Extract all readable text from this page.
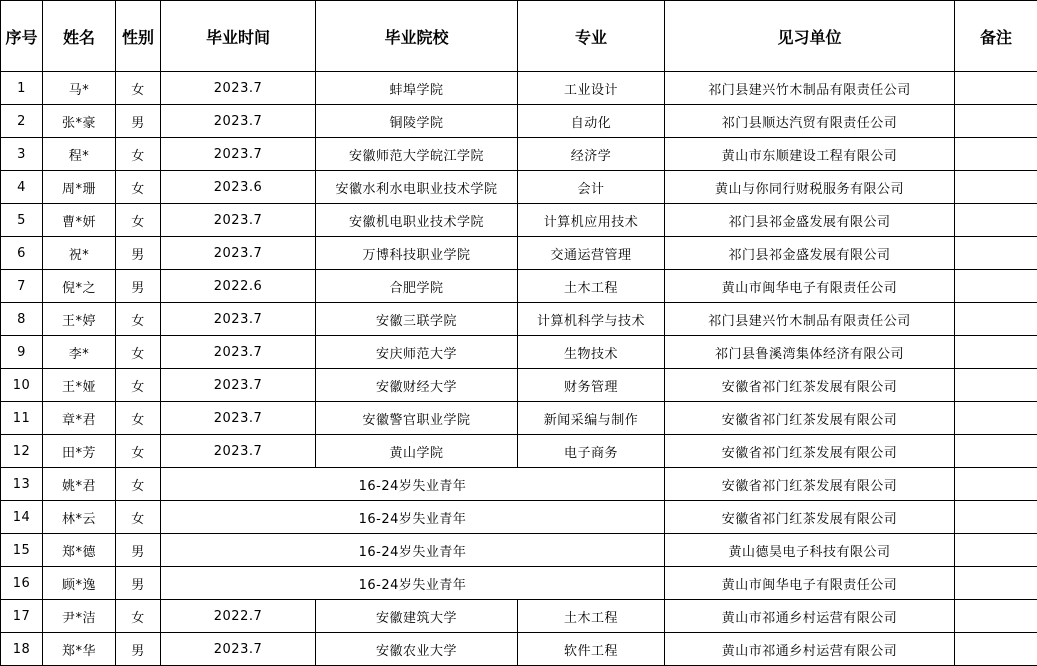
序号	姓名	性别	毕业时间	毕业院校	专业	见习单位	备注
1	马*	女	2023.7	蚌埠学院	工业设计	祁门县建兴竹木制品有限责任公司	
2	张*豪	男	2023.7	铜陵学院	自动化	祁门县顺达汽贸有限责任公司	
3	程*	女	2023.7	安徽师范大学皖江学院	经济学	黄山市东顺建设工程有限公司	
4	周*珊	女	2023.6	安徽水利水电职业技术学院	会计	黄山与你同行财税服务有限公司	
5	曹*妍	女	2023.7	安徽机电职业技术学院	计算机应用技术	祁门县祁金盛发展有限公司	
6	祝*	男	2023.7	万博科技职业学院	交通运营管理	祁门县祁金盛发展有限公司	
7	倪*之	男	2022.6	合肥学院	土木工程	黄山市闽华电子有限责任公司	
8	王*婷	女	2023.7	安徽三联学院	计算机科学与技术	祁门县建兴竹木制品有限责任公司	
9	李*	女	2023.7	安庆师范大学	生物技术	祁门县鲁溪湾集体经济有限公司	
10	王*娅	女	2023.7	安徽财经大学	财务管理	安徽省祁门红茶发展有限公司	
11	章*君	女	2023.7	安徽警官职业学院	新闻采编与制作	安徽省祁门红茶发展有限公司	
12	田*芳	女	2023.7	黄山学院	电子商务	安徽省祁门红茶发展有限公司	
13	姚*君	女	16-24岁失业青年			安徽省祁门红茶发展有限公司	
14	林*云	女	16-24岁失业青年			安徽省祁门红茶发展有限公司	
15	郑*德	男	16-24岁失业青年			黄山德昊电子科技有限公司	
16	顾*逸	男	16-24岁失业青年			黄山市闽华电子有限责任公司	
17	尹*洁	女	2022.7	安徽建筑大学	土木工程	黄山市祁通乡村运营有限公司	
18	郑*华	男	2023.7	安徽农业大学	软件工程	黄山市祁通乡村运营有限公司	
